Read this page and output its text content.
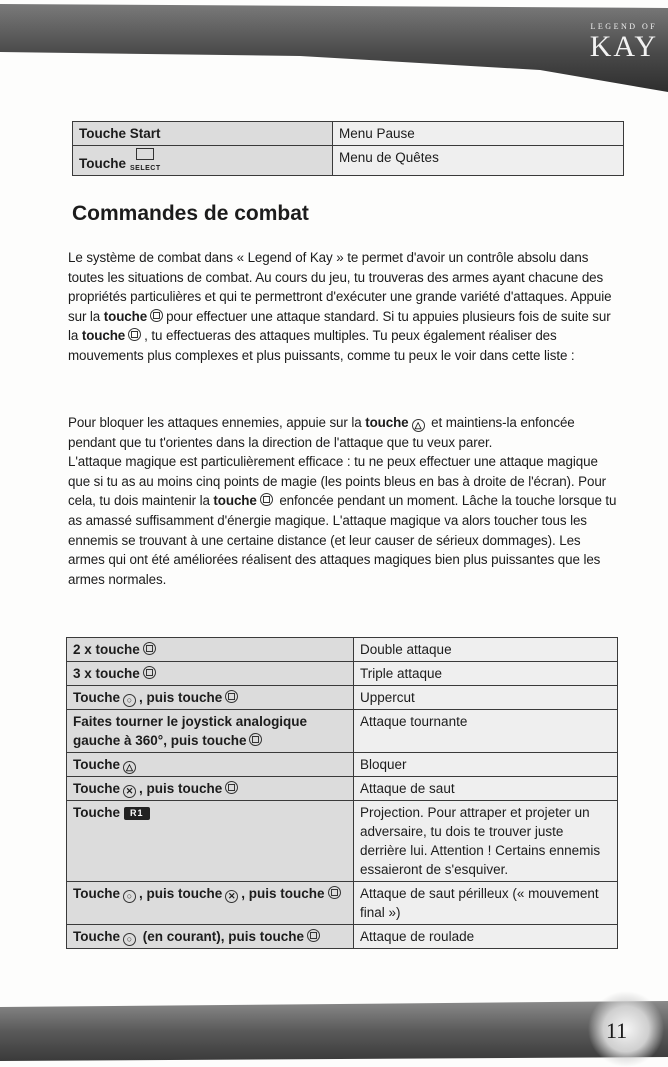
LEGEND OF
KAY
Touche Start	Menu Pause
Touche SELECT	Menu de Quêtes
Commandes de combat

Le système de combat dans « Legend of Kay » te permet d'avoir un contrôle absolu dans toutes les situations de combat. Au cours du jeu, tu trouveras des armes ayant chacune des propriétés particulières et qui te permettront d'exécuter une grande variété d'attaques. Appuie sur la touche pour effectuer une attaque standard. Si tu appuies plusieurs fois de suite sur la touche , tu effectueras des attaques multiples. Tu peux également réaliser des mouvements plus complexes et plus puissants, comme tu peux le voir dans cette liste :

Pour bloquer les attaques ennemies, appuie sur la touche △ et maintiens-la enfoncée pendant que tu t'orientes dans la direction de l'attaque que tu veux parer.
L'attaque magique est particulièrement efficace : tu ne peux effectuer une attaque magique que si tu as au moins cinq points de magie (les points bleus en bas à droite de l'écran). Pour cela, tu dois maintenir la touche enfoncée pendant un moment. Lâche la touche lorsque tu as amassé suffisamment d'énergie magique. L'attaque magique va alors toucher tous les ennemis se trouvant à une certaine distance (et leur causer de sérieux dommages). Les armes qui ont été améliorées réalisent des attaques magiques bien plus puissantes que les armes normales.

2 x touche	Double attaque
3 x touche	Triple attaque
Touche ○ , puis touche	Uppercut
Faites tourner le joystick analogique gauche à 360°, puis touche	Attaque tournante
Touche △	Bloquer
Touche ✕ , puis touche	Attaque de saut
Touche R1	Projection. Pour attraper et projeter un adversaire, tu dois te trouver juste derrière lui. Attention ! Certains ennemis essaieront de s'esquiver.
Touche ○ , puis touche ✕ , puis touche	Attaque de saut périlleux (« mouvement final »)
Touche ○ (en courant), puis touche	Attaque de roulade
11
